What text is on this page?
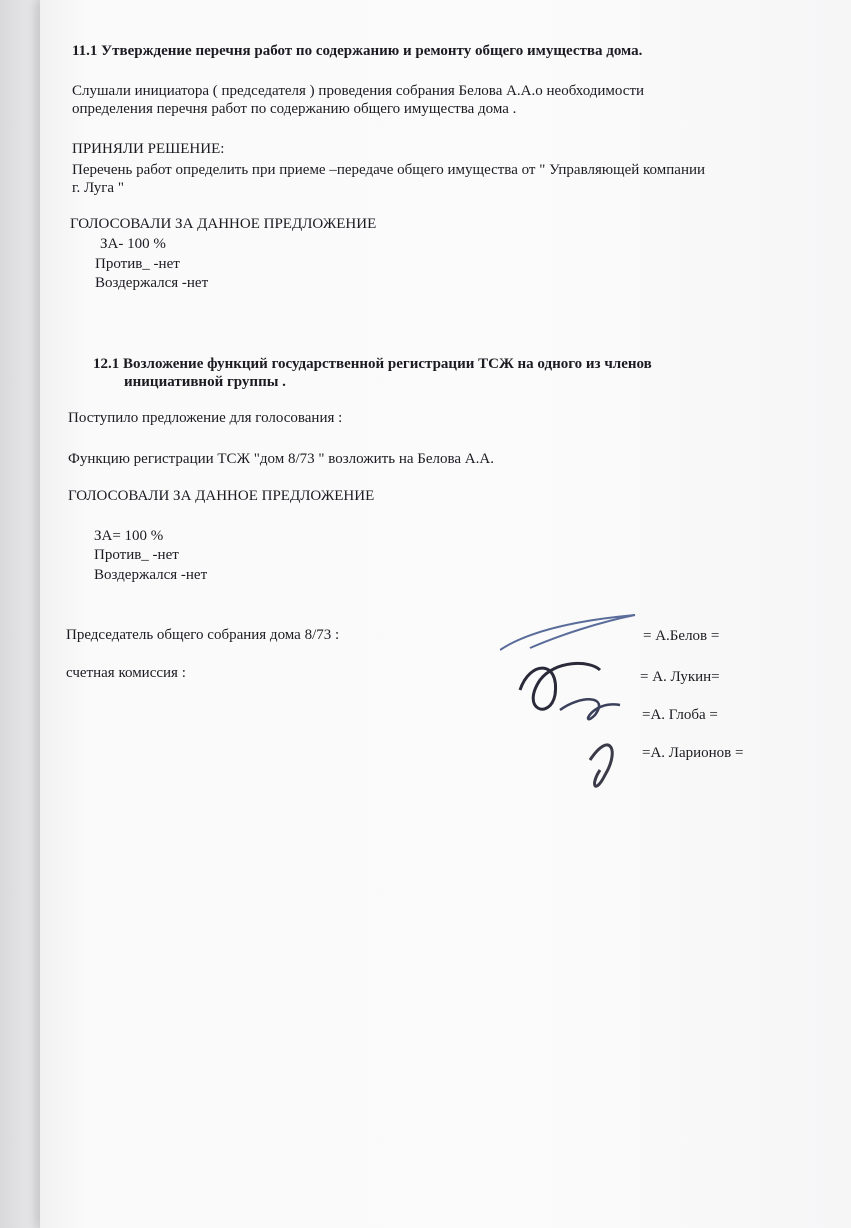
11.1 Утверждение перечня работ по содержанию и ремонту общего имущества дома.
Слушали инициатора ( председателя ) проведения собрания Белова А.А.о необходимости
определения перечня работ по содержанию общего имущества дома .
ПРИНЯЛИ РЕШЕНИЕ:
Перечень работ определить при приеме –передаче общего имущества от " Управляющей компании
г. Луга "
ГОЛОСОВАЛИ ЗА ДАННОЕ ПРЕДЛОЖЕНИЕ
ЗА- 100 %
Против_ -нет
Воздержался -нет
12.1 Возложение функций государственной регистрации ТСЖ на одного из членов
инициативной группы .
Поступило предложение для голосования :
Функцию регистрации ТСЖ "дом 8/73 " возложить на Белова А.А.
ГОЛОСОВАЛИ ЗА ДАННОЕ ПРЕДЛОЖЕНИЕ
ЗА= 100 %
Против_ -нет
Воздержался -нет
Председатель общего собрания дома 8/73 :
счетная комиссия :
= А.Белов =
= А. Лукин=
=А. Глоба =
=А. Ларионов =
